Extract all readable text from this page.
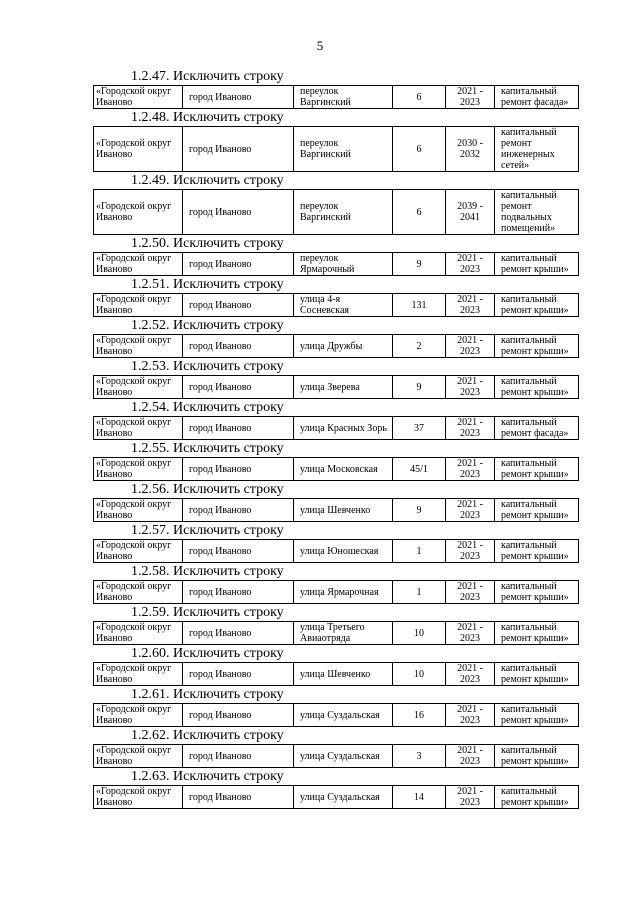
5
1.2.47. Исключить строку
«Городской округ Иваново	город Иваново	переулок Варгинский	6	2021 - 2023	капитальный ремонт фасада»
1.2.48. Исключить строку
«Городской округ Иваново	город Иваново	переулок Варгинский	6	2030 - 2032	капитальный ремонт инженерных сетей»
1.2.49. Исключить строку
«Городской округ Иваново	город Иваново	переулок Варгинский	6	2039 - 2041	капитальный ремонт подвальных помещений»
1.2.50. Исключить строку
«Городской округ Иваново	город Иваново	переулок Ярмарочный	9	2021 - 2023	капитальный ремонт крыши»
1.2.51. Исключить строку
«Городской округ Иваново	город Иваново	улица 4-я Сосневская	131	2021 - 2023	капитальный ремонт крыши»
1.2.52. Исключить строку
«Городской округ Иваново	город Иваново	улица Дружбы	2	2021 - 2023	капитальный ремонт крыши»
1.2.53. Исключить строку
«Городской округ Иваново	город Иваново	улица Зверева	9	2021 - 2023	капитальный ремонт крыши»
1.2.54. Исключить строку
«Городской округ Иваново	город Иваново	улица Красных Зорь	37	2021 - 2023	капитальный ремонт фасада»
1.2.55. Исключить строку
«Городской округ Иваново	город Иваново	улица Московская	45/1	2021 - 2023	капитальный ремонт крыши»
1.2.56. Исключить строку
«Городской округ Иваново	город Иваново	улица Шевченко	9	2021 - 2023	капитальный ремонт крыши»
1.2.57. Исключить строку
«Городской округ Иваново	город Иваново	улица Юношеская	1	2021 - 2023	капитальный ремонт крыши»
1.2.58. Исключить строку
«Городской округ Иваново	город Иваново	улица Ярмарочная	1	2021 - 2023	капитальный ремонт крыши»
1.2.59. Исключить строку
«Городской округ Иваново	город Иваново	улица Третьего Авиаотряда	10	2021 - 2023	капитальный ремонт крыши»
1.2.60. Исключить строку
«Городской округ Иваново	город Иваново	улица Шевченко	10	2021 - 2023	капитальный ремонт крыши»
1.2.61. Исключить строку
«Городской округ Иваново	город Иваново	улица Суздальская	16	2021 - 2023	капитальный ремонт крыши»
1.2.62. Исключить строку
«Городской округ Иваново	город Иваново	улица Суздальская	3	2021 - 2023	капитальный ремонт крыши»
1.2.63. Исключить строку
«Городской округ Иваново	город Иваново	улица Суздальская	14	2021 - 2023	капитальный ремонт крыши»
